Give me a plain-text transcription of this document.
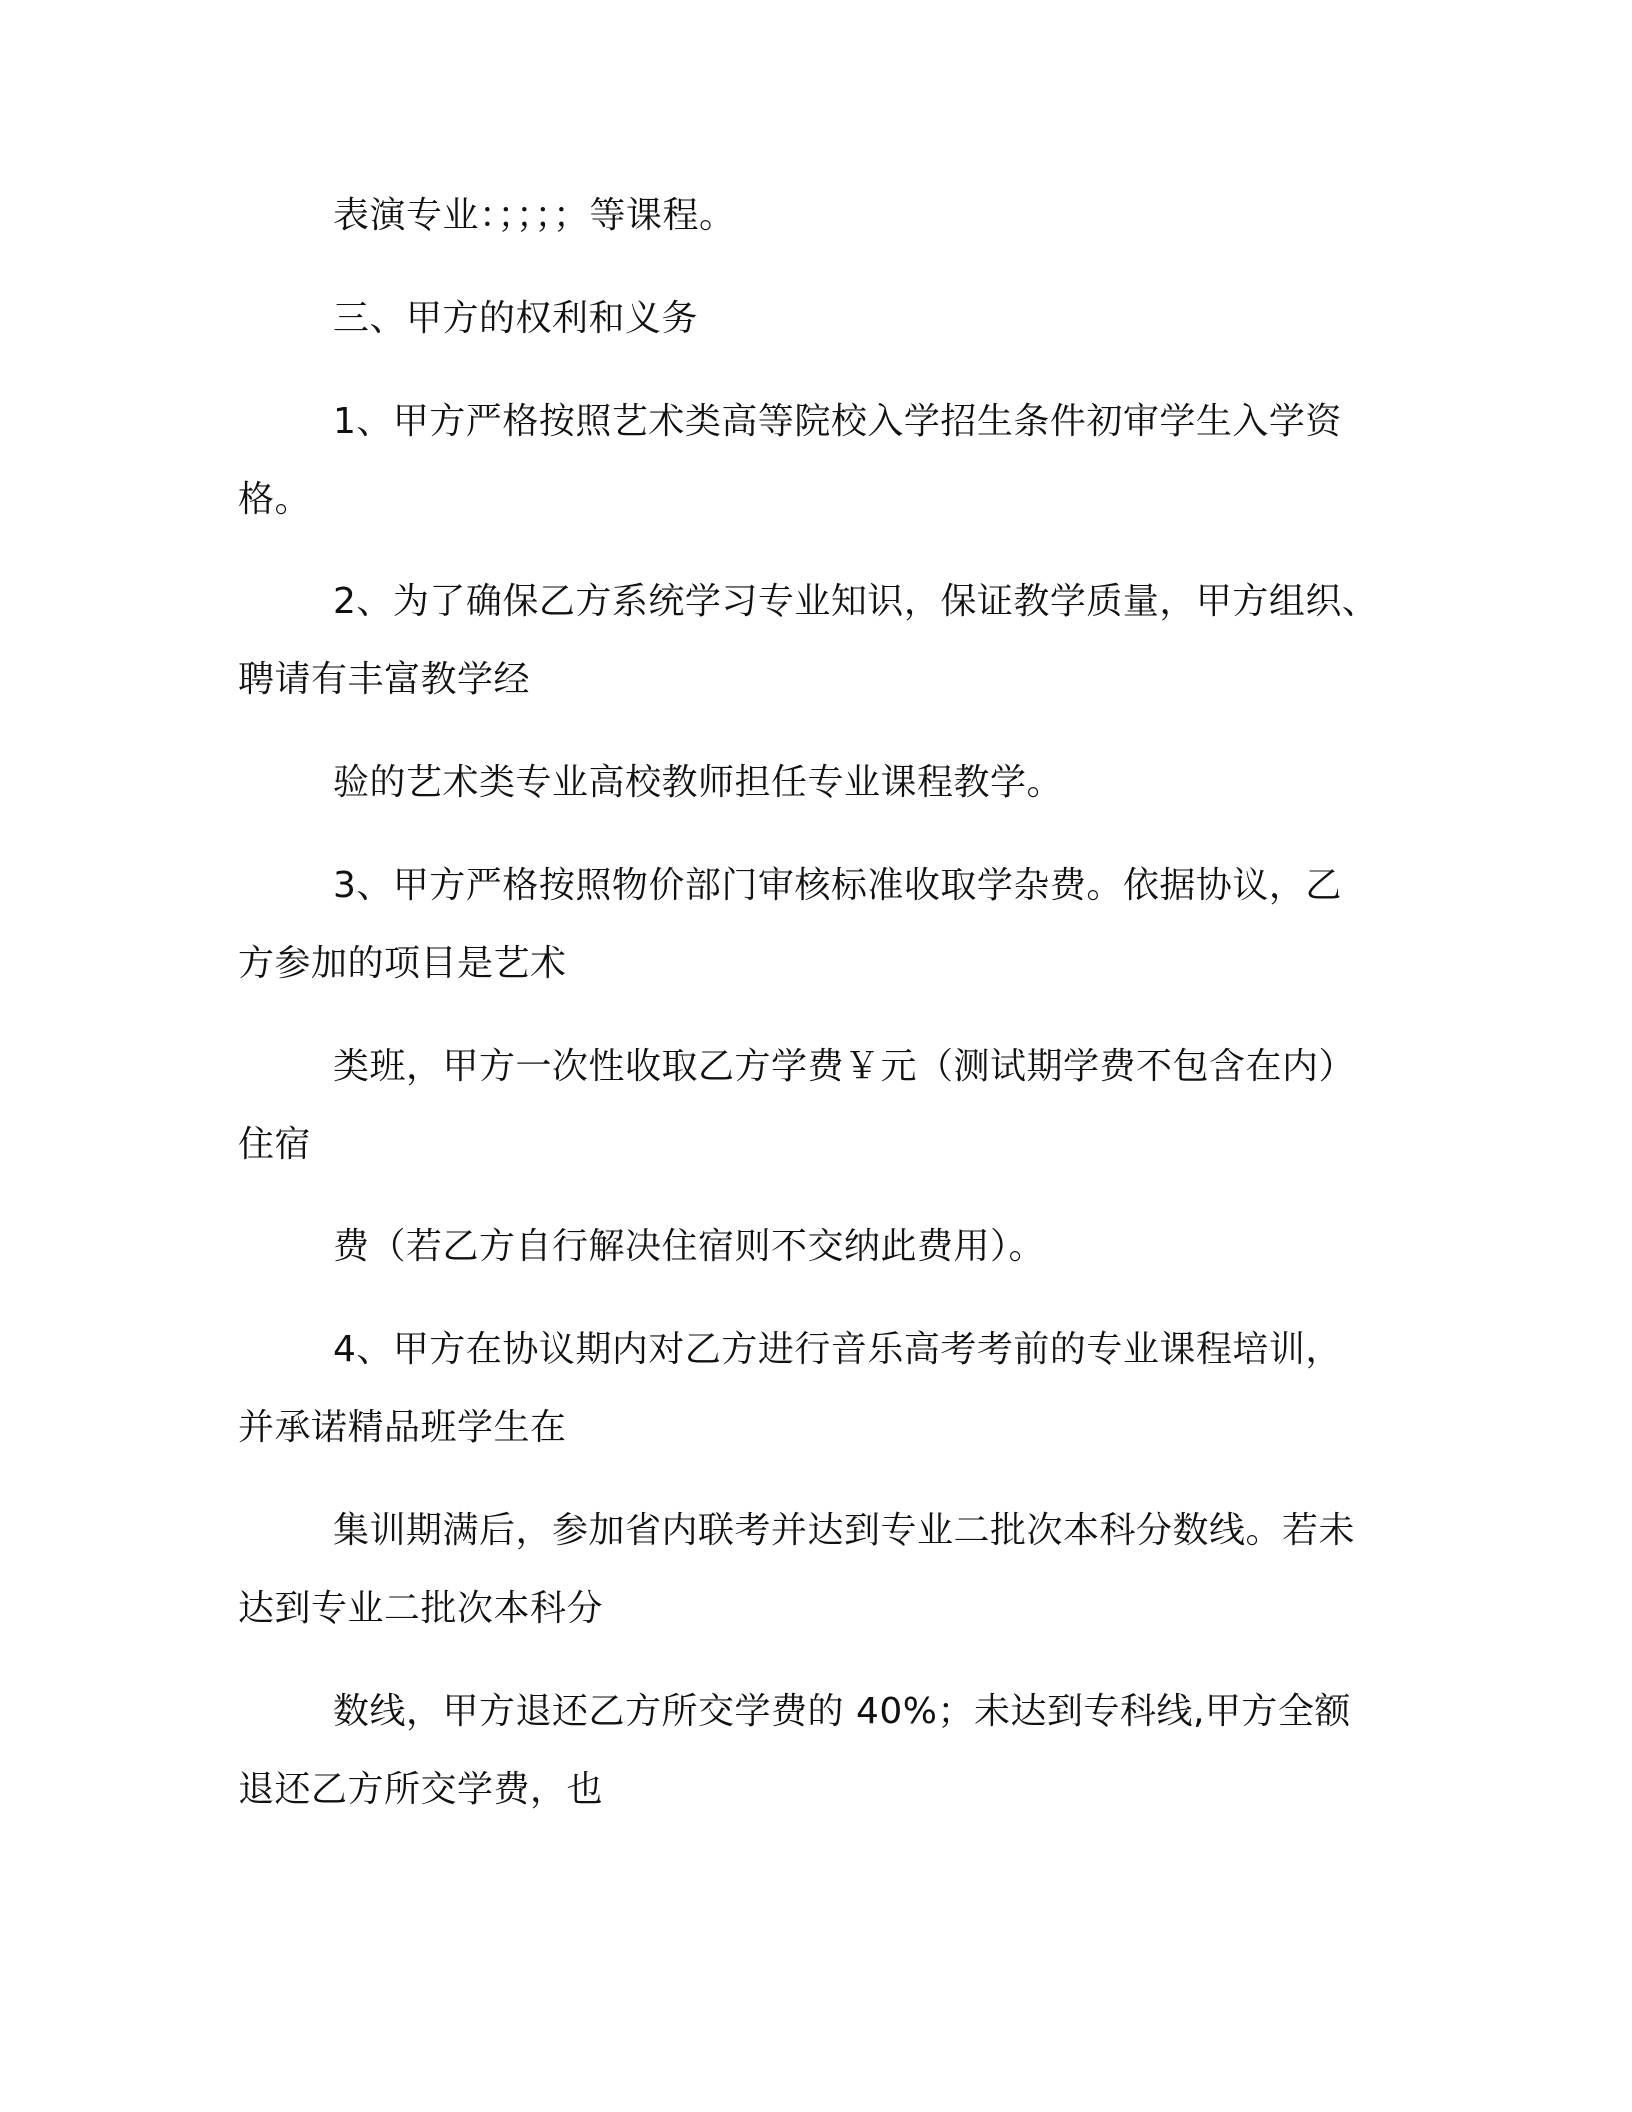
表演专业：；；；；等课程。
三、甲方的权利和义务
1、甲方严格按照艺术类高等院校入学招生条件初审学生入学资
格。
2、为了确保乙方系统学习专业知识，保证教学质量，甲方组织、
聘请有丰富教学经
验的艺术类专业高校教师担任专业课程教学。
3、甲方严格按照物价部门审核标准收取学杂费。依据协议，乙
方参加的项目是艺术
类班，甲方一次性收取乙方学费￥元（测试期学费不包含在内）
住宿
费（若乙方自行解决住宿则不交纳此费用）。
4、甲方在协议期内对乙方进行音乐高考考前的专业课程培训，
并承诺精品班学生在
集训期满后，参加省内联考并达到专业二批次本科分数线。若未
达到专业二批次本科分
数线，甲方退还乙方所交学费的 40%；未达到专科线,甲方全额
退还乙方所交学费，也
